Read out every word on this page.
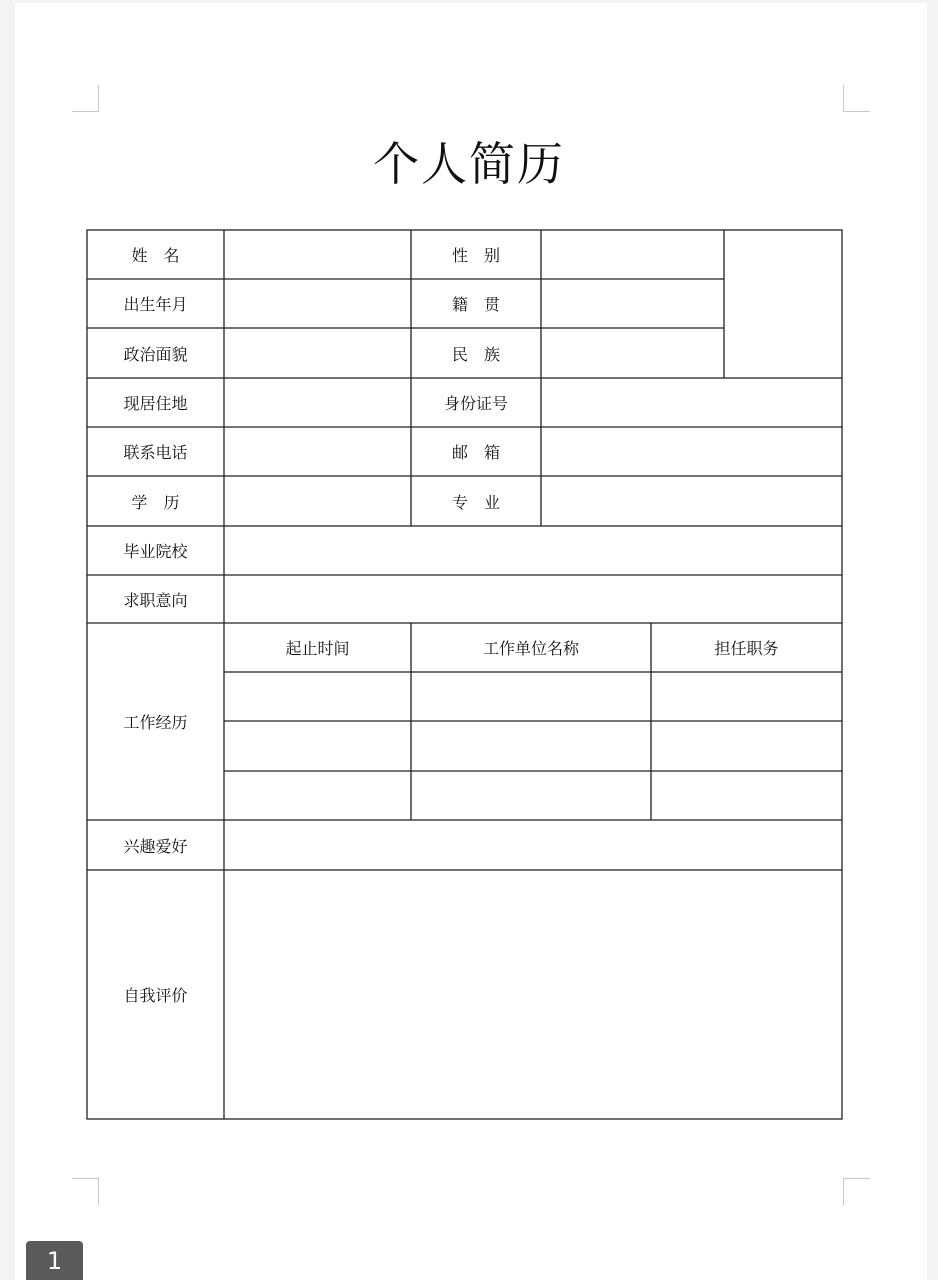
个人简历
姓　名	性　别
出生年月	籍　贯
政治面貌	民　族
现居住地	身份证号
联系电话	邮　箱
学　历	专　业
毕业院校
求职意向
工作经历
起止时间	工作单位名称	担任职务
兴趣爱好
自我评价
1
